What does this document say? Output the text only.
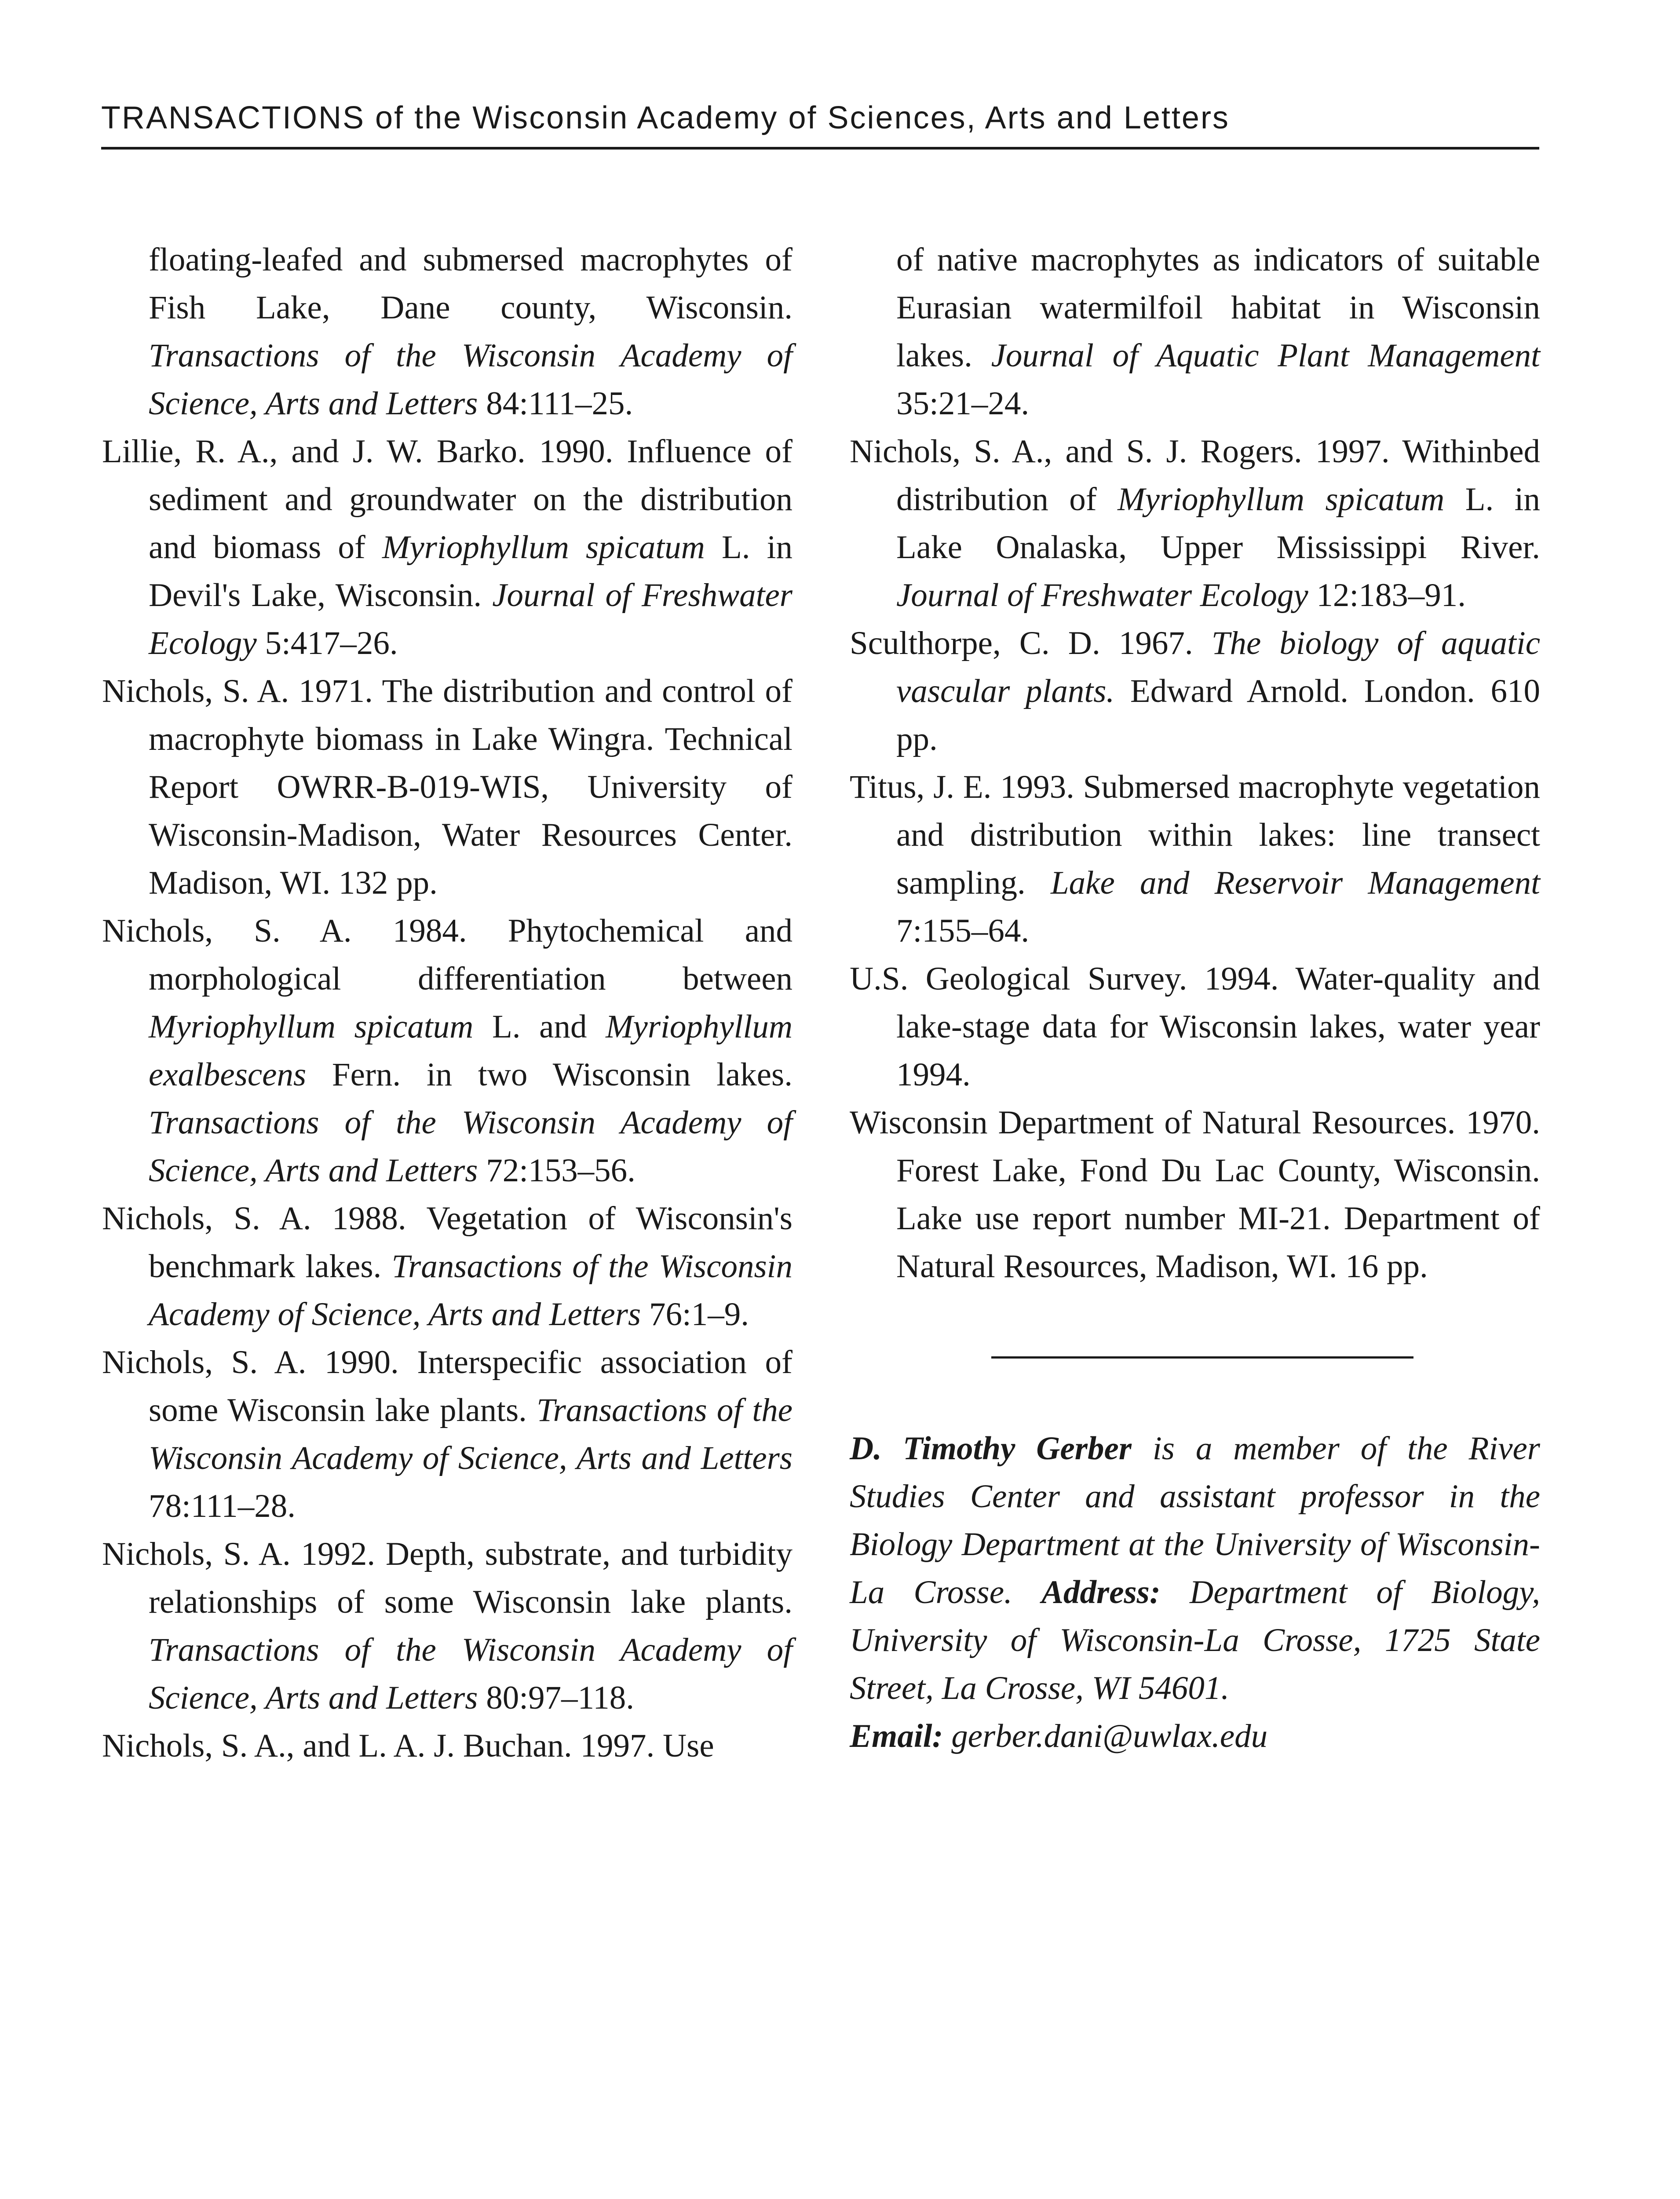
TRANSACTIONS of the Wisconsin Academy of Sciences, Arts and Letters

floating-leafed and submersed macrophytes of Fish Lake, Dane county, Wisconsin. Transactions of the Wisconsin Academy of Science, Arts and Letters 84:111–25.

Lillie, R. A., and J. W. Barko. 1990. Influence of sediment and groundwater on the distribution and biomass of Myriophyllum spicatum L. in Devil's Lake, Wisconsin. Journal of Freshwater Ecology 5:417–26.

Nichols, S. A. 1971. The distribution and control of macrophyte biomass in Lake Wingra. Technical Report OWRR-B-019-WIS, University of Wisconsin-Madison, Water Resources Center. Madison, WI. 132 pp.

Nichols, S. A. 1984. Phytochemical and morphological differentiation between Myriophyllum spicatum L. and Myriophyllum exalbescens Fern. in two Wisconsin lakes. Transactions of the Wisconsin Academy of Science, Arts and Letters 72:153–56.

Nichols, S. A. 1988. Vegetation of Wisconsin's benchmark lakes. Transactions of the Wisconsin Academy of Science, Arts and Letters 76:1–9.

Nichols, S. A. 1990. Interspecific association of some Wisconsin lake plants. Transactions of the Wisconsin Academy of Science, Arts and Letters 78:111–28.

Nichols, S. A. 1992. Depth, substrate, and turbidity relationships of some Wisconsin lake plants. Transactions of the Wisconsin Academy of Science, Arts and Letters 80:97–118.

Nichols, S. A., and L. A. J. Buchan. 1997. Use

of native macrophytes as indicators of suitable Eurasian watermilfoil habitat in Wisconsin lakes. Journal of Aquatic Plant Management 35:21–24.

Nichols, S. A., and S. J. Rogers. 1997. Withinbed distribution of Myriophyllum spicatum L. in Lake Onalaska, Upper Mississippi River. Journal of Freshwater Ecology 12:183–91.

Sculthorpe, C. D. 1967. The biology of aquatic vascular plants. Edward Arnold. London. 610 pp.

Titus, J. E. 1993. Submersed macrophyte vegetation and distribution within lakes: line transect sampling. Lake and Reservoir Management 7:155–64.

U.S. Geological Survey. 1994. Water-quality and lake-stage data for Wisconsin lakes, water year 1994.

Wisconsin Department of Natural Resources. 1970. Forest Lake, Fond Du Lac County, Wisconsin. Lake use report number MI-21. Department of Natural Resources, Madison, WI. 16 pp.

D. Timothy Gerber is a member of the River Studies Center and assistant professor in the Biology Department at the University of Wisconsin-La Crosse. Address: Department of Biology, University of Wisconsin-La Crosse, 1725 State Street, La Crosse, WI 54601.
Email: gerber.dani@uwlax.edu
